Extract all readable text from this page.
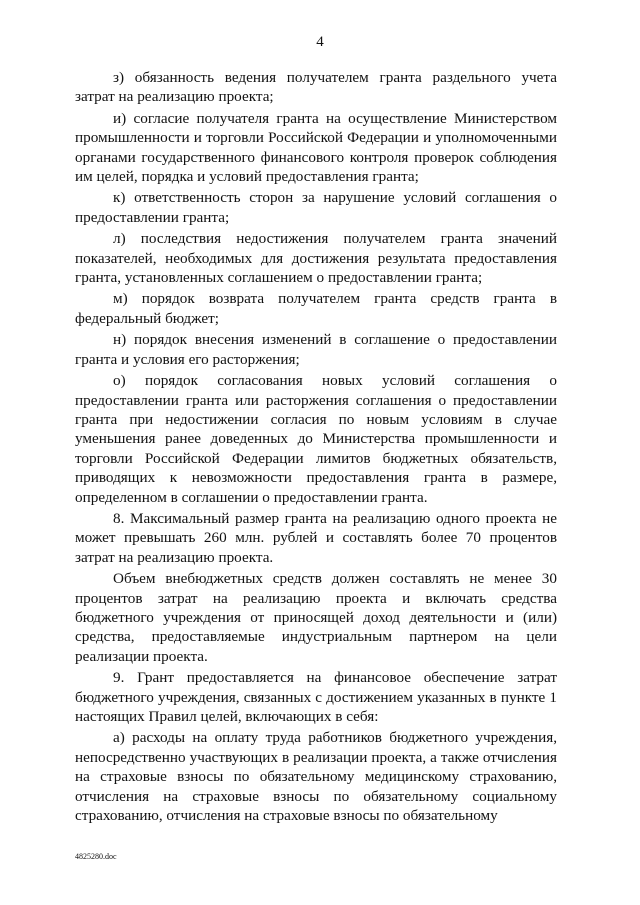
4

з) обязанность ведения получателем гранта раздельного учета затрат на реализацию проекта;

и) согласие получателя гранта на осуществление Министерством промышленности и торговли Российской Федерации и уполномоченными органами государственного финансового контроля проверок соблюдения им целей, порядка и условий предоставления гранта;

к) ответственность сторон за нарушение условий соглашения о предоставлении гранта;

л) последствия недостижения получателем гранта значений показателей, необходимых для достижения результата предоставления гранта, установленных соглашением о предоставлении гранта;

м) порядок возврата получателем гранта средств гранта в федеральный бюджет;

н) порядок внесения изменений в соглашение о предоставлении гранта и условия его расторжения;

о) порядок согласования новых условий соглашения о предоставлении гранта или расторжения соглашения о предоставлении гранта при недостижении согласия по новым условиям в случае уменьшения ранее доведенных до Министерства промышленности и торговли Российской Федерации лимитов бюджетных обязательств, приводящих к невозможности предоставления гранта в размере, определенном в соглашении о предоставлении гранта.

8. Максимальный размер гранта на реализацию одного проекта не может превышать 260 млн. рублей и составлять более 70 процентов затрат на реализацию проекта.

Объем внебюджетных средств должен составлять не менее 30 процентов затрат на реализацию проекта и включать средства бюджетного учреждения от приносящей доход деятельности и (или) средства, предоставляемые индустриальным партнером на цели реализации проекта.

9. Грант предоставляется на финансовое обеспечение затрат бюджетного учреждения, связанных с достижением указанных в пункте 1 настоящих Правил целей, включающих в себя:

а) расходы на оплату труда работников бюджетного учреждения, непосредственно участвующих в реализации проекта, а также отчисления на страховые взносы по обязательному медицинскому страхованию, отчисления на страховые взносы по обязательному социальному страхованию, отчисления на страховые взносы по обязательному

4825280.doc
